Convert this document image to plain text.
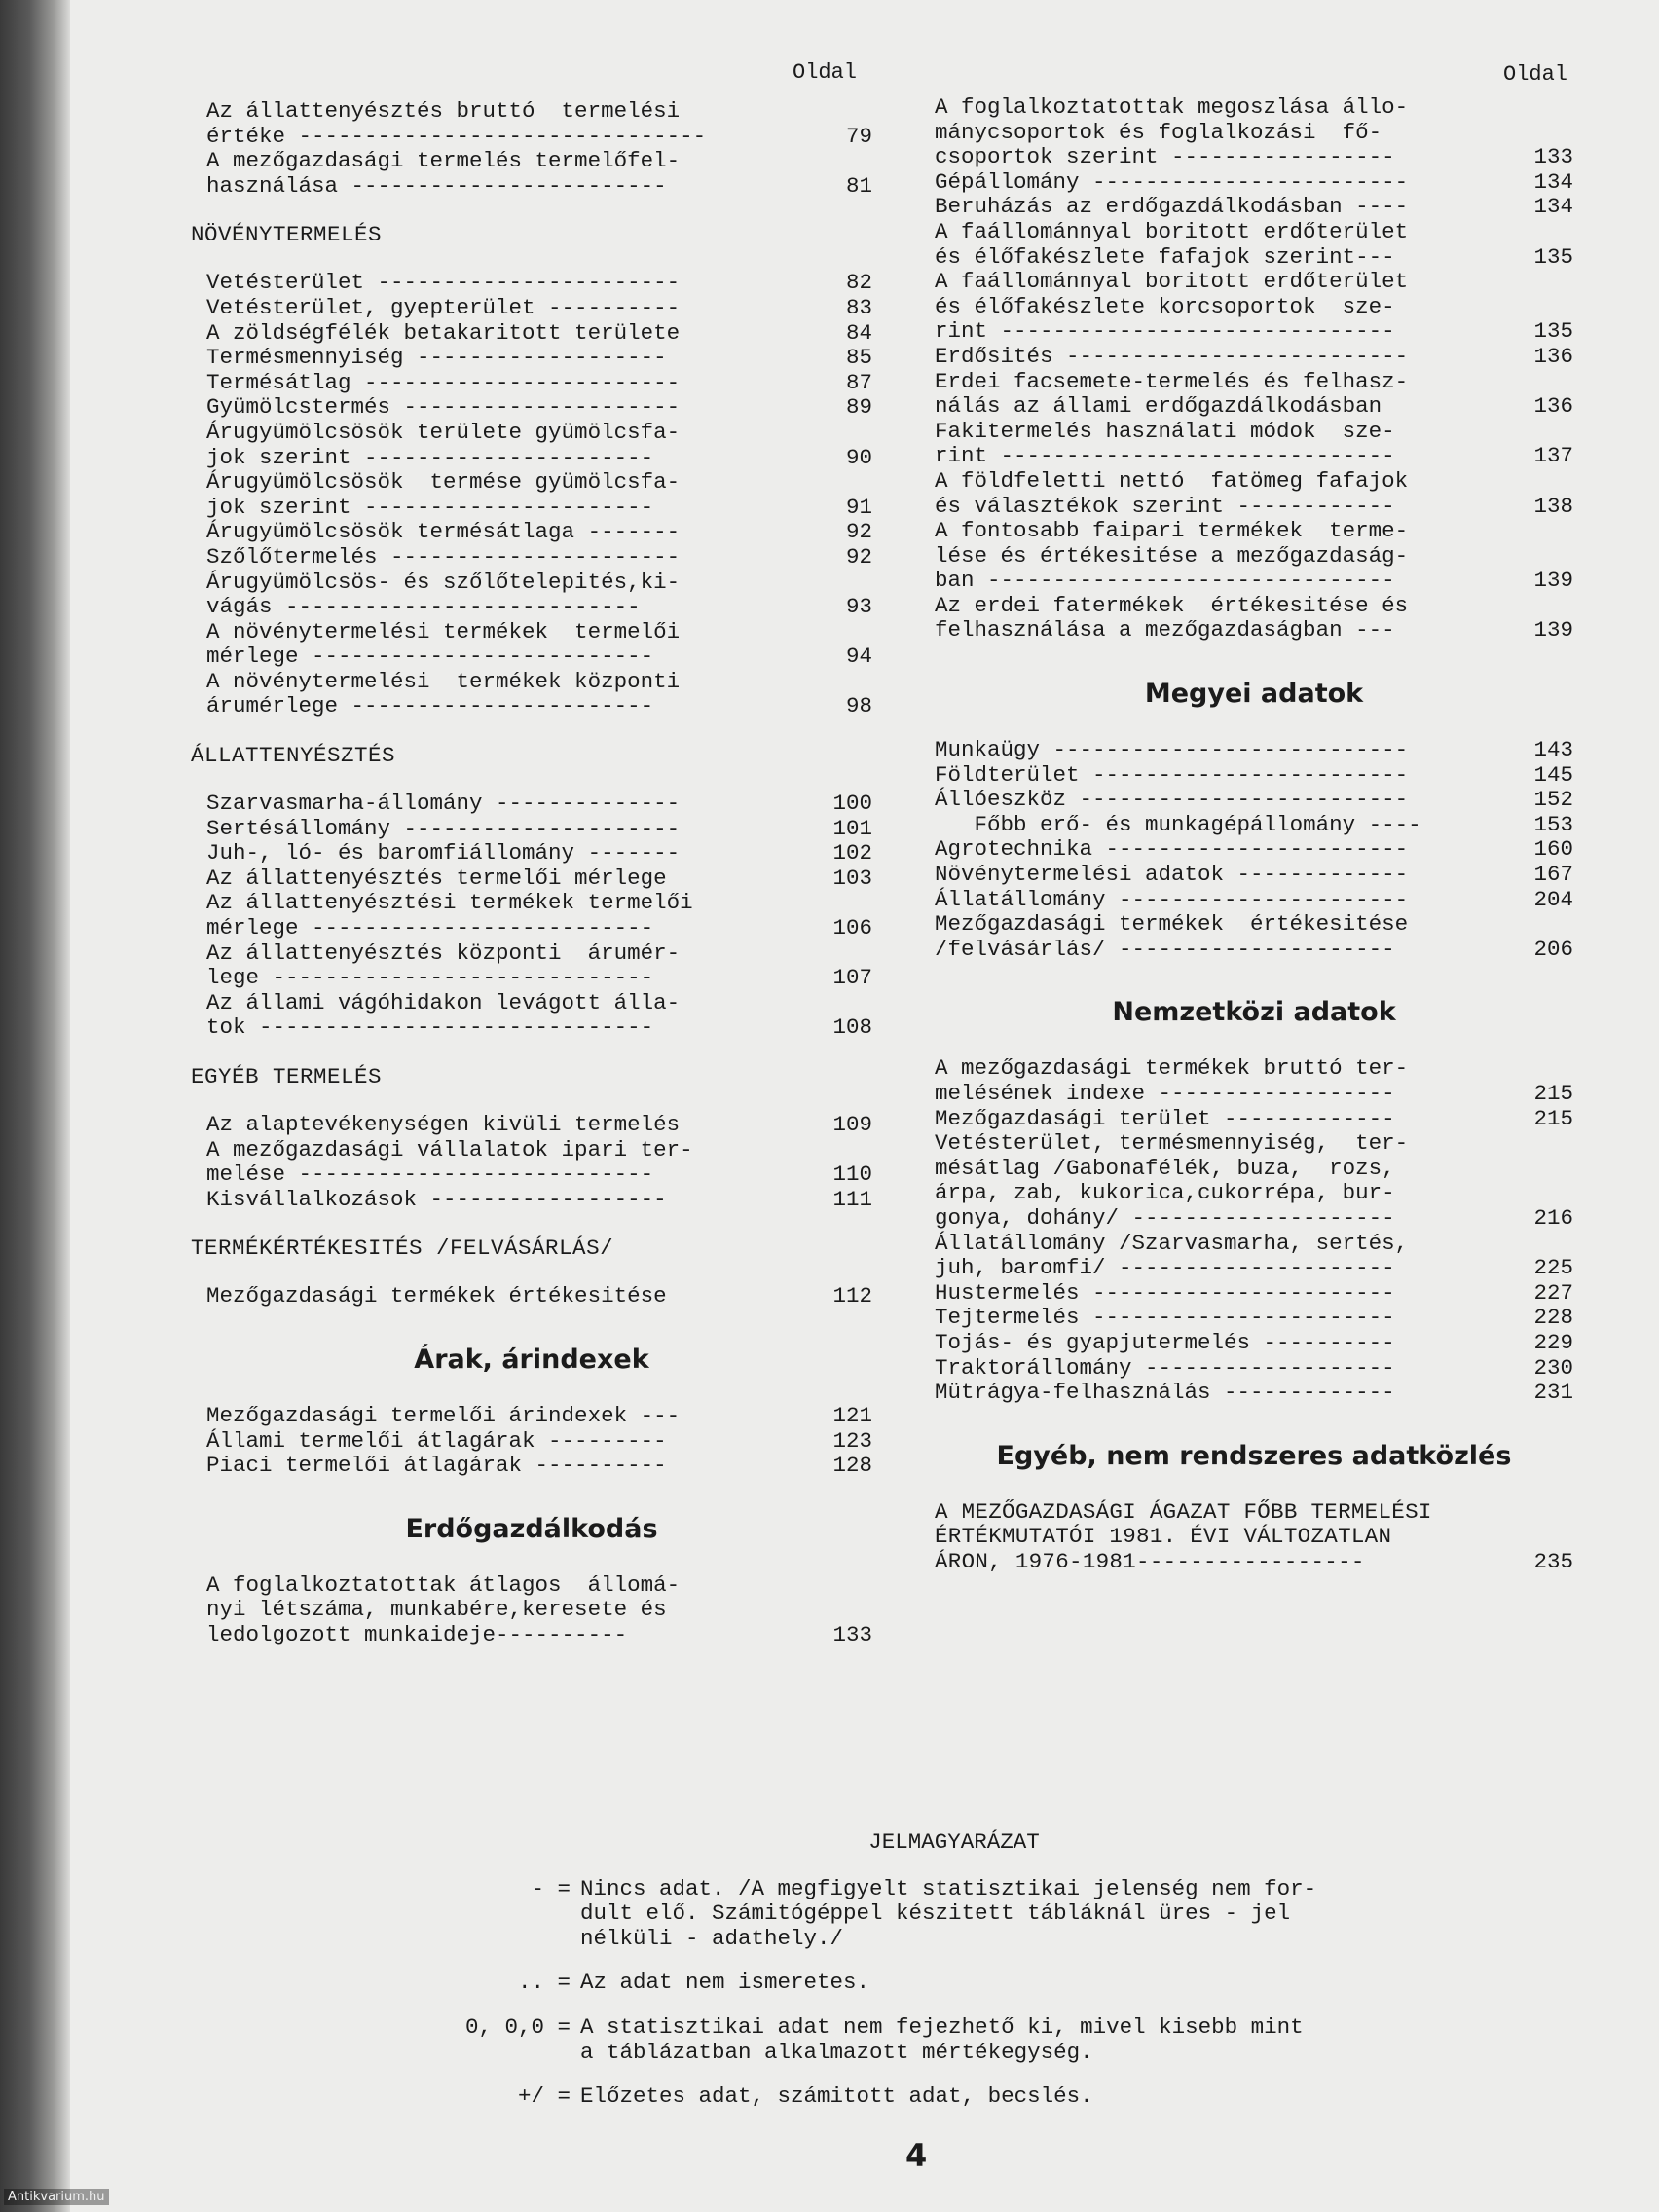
Oldal	Oldal
Az állattenyésztés bruttó  termelési
értéke -------------------------------	79
A mezőgazdasági termelés termelőfel-
használása ------------------------	81
NÖVÉNYTERMELÉS
Vetésterület -----------------------	82
Vetésterület, gyepterület ----------	83
A zöldségfélék betakaritott területe	84
Termésmennyiség -------------------	85
Termésátlag ------------------------	87
Gyümölcstermés ---------------------	89
Árugyümölcsösök területe gyümölcsfa-
jok szerint ----------------------	90
Árugyümölcsösök  termése gyümölcsfa-
jok szerint ----------------------	91
Árugyümölcsösök termésátlaga -------	92
Szőlőtermelés ----------------------	92
Árugyümölcsös- és szőlőtelepités,ki-
vágás ---------------------------	93
A növénytermelési termékek  termelői
mérlege --------------------------	94
A növénytermelési  termékek központi
árumérlege -----------------------	98
ÁLLATTENYÉSZTÉS
Szarvasmarha-állomány --------------	100
Sertésállomány ---------------------	101
Juh-, ló- és baromfiállomány -------	102
Az állattenyésztés termelői mérlege	103
Az állattenyésztési termékek termelői
mérlege --------------------------	106
Az állattenyésztés központi  árumér-
lege -----------------------------	107
Az állami vágóhidakon levágott álla-
tok ------------------------------	108
EGYÉB TERMELÉS
Az alaptevékenységen kivüli termelés	109
A mezőgazdasági vállalatok ipari ter-
melése ---------------------------	110
Kisvállalkozások ------------------	111
TERMÉKÉRTÉKESITÉS /FELVÁSÁRLÁS/
Mezőgazdasági termékek értékesitése	112
Árak, árindexek
Mezőgazdasági termelői árindexek ---	121
Állami termelői átlagárak ---------	123
Piaci termelői átlagárak ----------	128
Erdőgazdálkodás
A foglalkoztatottak átlagos  állomá-
nyi létszáma, munkabére,keresete és
ledolgozott munkaideje----------	133
A foglalkoztatottak megoszlása állo-
mánycsoportok és foglalkozási  fő-
csoportok szerint -----------------	133
Gépállomány ------------------------	134
Beruházás az erdőgazdálkodásban ----	134
A faállománnyal boritott erdőterület
és élőfakészlete fafajok szerint---	135
A faállománnyal boritott erdőterület
és élőfakészlete korcsoportok  sze-
rint ------------------------------	135
Erdősités --------------------------	136
Erdei facsemete-termelés és felhasz-
nálás az állami erdőgazdálkodásban	136
Fakitermelés használati módok  sze-
rint ------------------------------	137
A földfeletti nettó  fatömeg fafajok
és választékok szerint ------------	138
A fontosabb faipari termékek  terme-
lése és értékesitése a mezőgazdaság-
ban -------------------------------	139
Az erdei fatermékek  értékesitése és
felhasználása a mezőgazdaságban ---	139
Megyei adatok
Munkaügy ---------------------------	143
Földterület ------------------------	145
Állóeszköz -------------------------	152
Főbb erő- és munkagépállomány ----	153
Agrotechnika -----------------------	160
Növénytermelési adatok -------------	167
Állatállomány ----------------------	204
Mezőgazdasági termékek  értékesitése
/felvásárlás/ ---------------------	206
Nemzetközi adatok
A mezőgazdasági termékek bruttó ter-
melésének indexe ------------------	215
Mezőgazdasági terület -------------	215
Vetésterület, termésmennyiség,  ter-
mésátlag /Gabonafélék, buza,  rozs,
árpa, zab, kukorica,cukorrépa, bur-
gonya, dohány/ --------------------	216
Állatállomány /Szarvasmarha, sertés,
juh, baromfi/ ---------------------	225
Hustermelés -----------------------	227
Tejtermelés -----------------------	228
Tojás- és gyapjutermelés ----------	229
Traktorállomány -------------------	230
Mütrágya-felhasználás -------------	231
Egyéb, nem rendszeres adatközlés
A MEZŐGAZDASÁGI ÁGAZAT FŐBB TERMELÉSI
ÉRTÉKMUTATÓI 1981. ÉVI VÁLTOZATLAN
ÁRON, 1976-1981-----------------	235
JELMAGYARÁZAT
- = Nincs adat. /A megfigyelt statisztikai jelenség nem for-
dult elő. Számitógéppel készitett tábláknál üres - jel
nélküli - adathely./
.. = Az adat nem ismeretes.
0, 0,0 = A statisztikai adat nem fejezhető ki, mivel kisebb mint
a táblázatban alkalmazott mértékegység.
+/ = Előzetes adat, számitott adat, becslés.
4
Antikvarium.hu
